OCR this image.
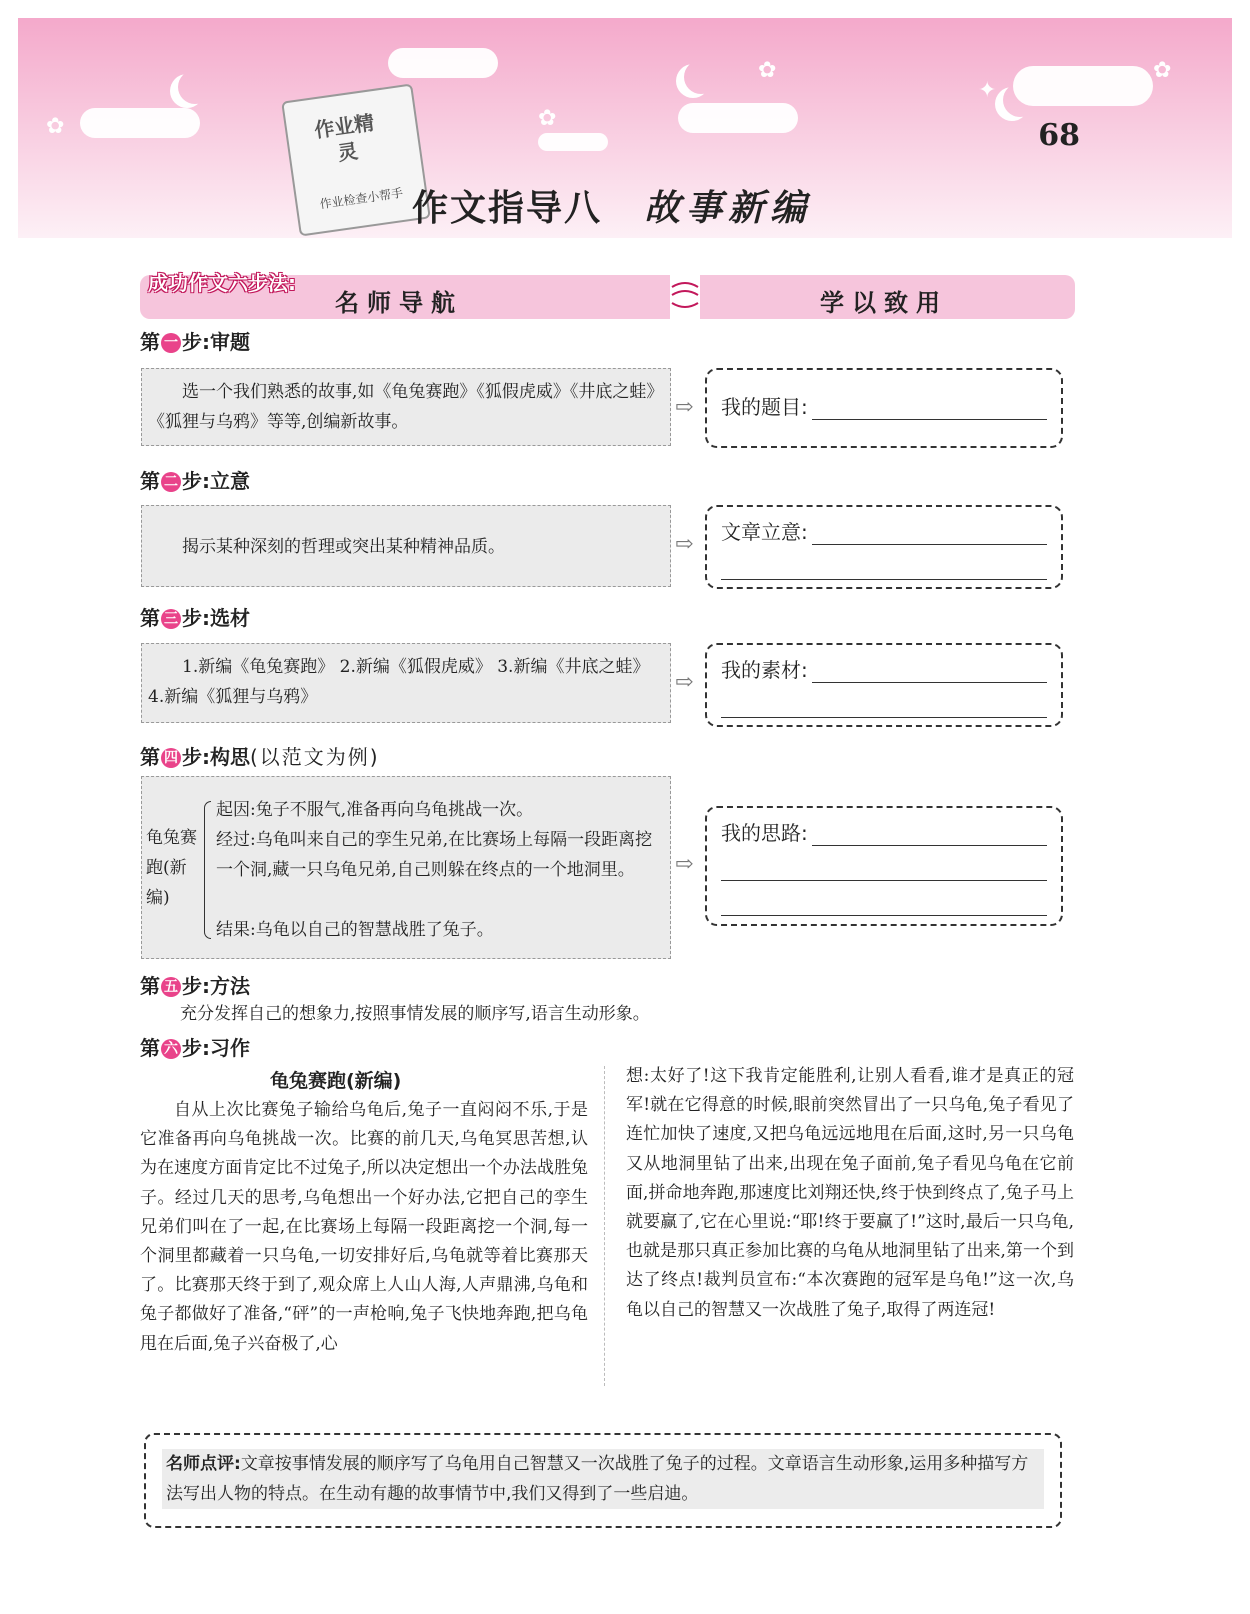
✿	✿
✿	✿
✦
作业精灵
作业检查小帮手
68
作文指导八 故事新编
成功作文六步法:
名师导航	学以致用
第 一 步:审题
选一个我们熟悉的故事,如《龟兔赛跑》《狐假虎威》《井底之蛙》《狐狸与乌鸦》等等,创编新故事。
⇨ 我的题目:
第 二 步:立意
揭示某种深刻的哲理或突出某种精神品质。	⇨ 文章立意:
第 三 步:选材
1.新编《龟兔赛跑》 2.新编《狐假虎威》 3.新编《井底之蛙》 4.新编《狐狸与乌鸦》
⇨ 我的素材:
第 四 步:构思(以范文为例)
龟兔赛跑(新编)
起因:兔子不服气,准备再向乌龟挑战一次。
经过:乌龟叫来自己的孪生兄弟,在比赛场上每隔一段距离挖一个洞,藏一只乌龟兄弟,自己则躲在终点的一个地洞里。
结果:乌龟以自己的智慧战胜了兔子。
⇨
我的思路:
第 五 步:方法
充分发挥自己的想象力,按照事情发展的顺序写,语言生动形象。
第 六 步:习作
龟兔赛跑(新编)
自从上次比赛兔子输给乌龟后,兔子一直闷闷不乐,于是它准备再向乌龟挑战一次。比赛的前几天,乌龟冥思苦想,认为在速度方面肯定比不过兔子,所以决定想出一个办法战胜兔子。经过几天的思考,乌龟想出一个好办法,它把自己的孪生兄弟们叫在了一起,在比赛场上每隔一段距离挖一个洞,每一个洞里都藏着一只乌龟,一切安排好后,乌龟就等着比赛那天了。比赛那天终于到了,观众席上人山人海,人声鼎沸,乌龟和兔子都做好了准备,“砰”的一声枪响,兔子飞快地奔跑,把乌龟甩在后面,兔子兴奋极了,心
想:太好了!这下我肯定能胜利,让别人看看,谁才是真正的冠军!就在它得意的时候,眼前突然冒出了一只乌龟,兔子看见了连忙加快了速度,又把乌龟远远地甩在后面,这时,另一只乌龟又从地洞里钻了出来,出现在兔子面前,兔子看见乌龟在它前面,拼命地奔跑,那速度比刘翔还快,终于快到终点了,兔子马上就要赢了,它在心里说:“耶!终于要赢了!”这时,最后一只乌龟,也就是那只真正参加比赛的乌龟从地洞里钻了出来,第一个到达了终点!裁判员宣布:“本次赛跑的冠军是乌龟!”这一次,乌龟以自己的智慧又一次战胜了兔子,取得了两连冠!
名师点评:文章按事情发展的顺序写了乌龟用自己智慧又一次战胜了兔子的过程。文章语言生动形象,运用多种描写方法写出人物的特点。在生动有趣的故事情节中,我们又得到了一些启迪。
